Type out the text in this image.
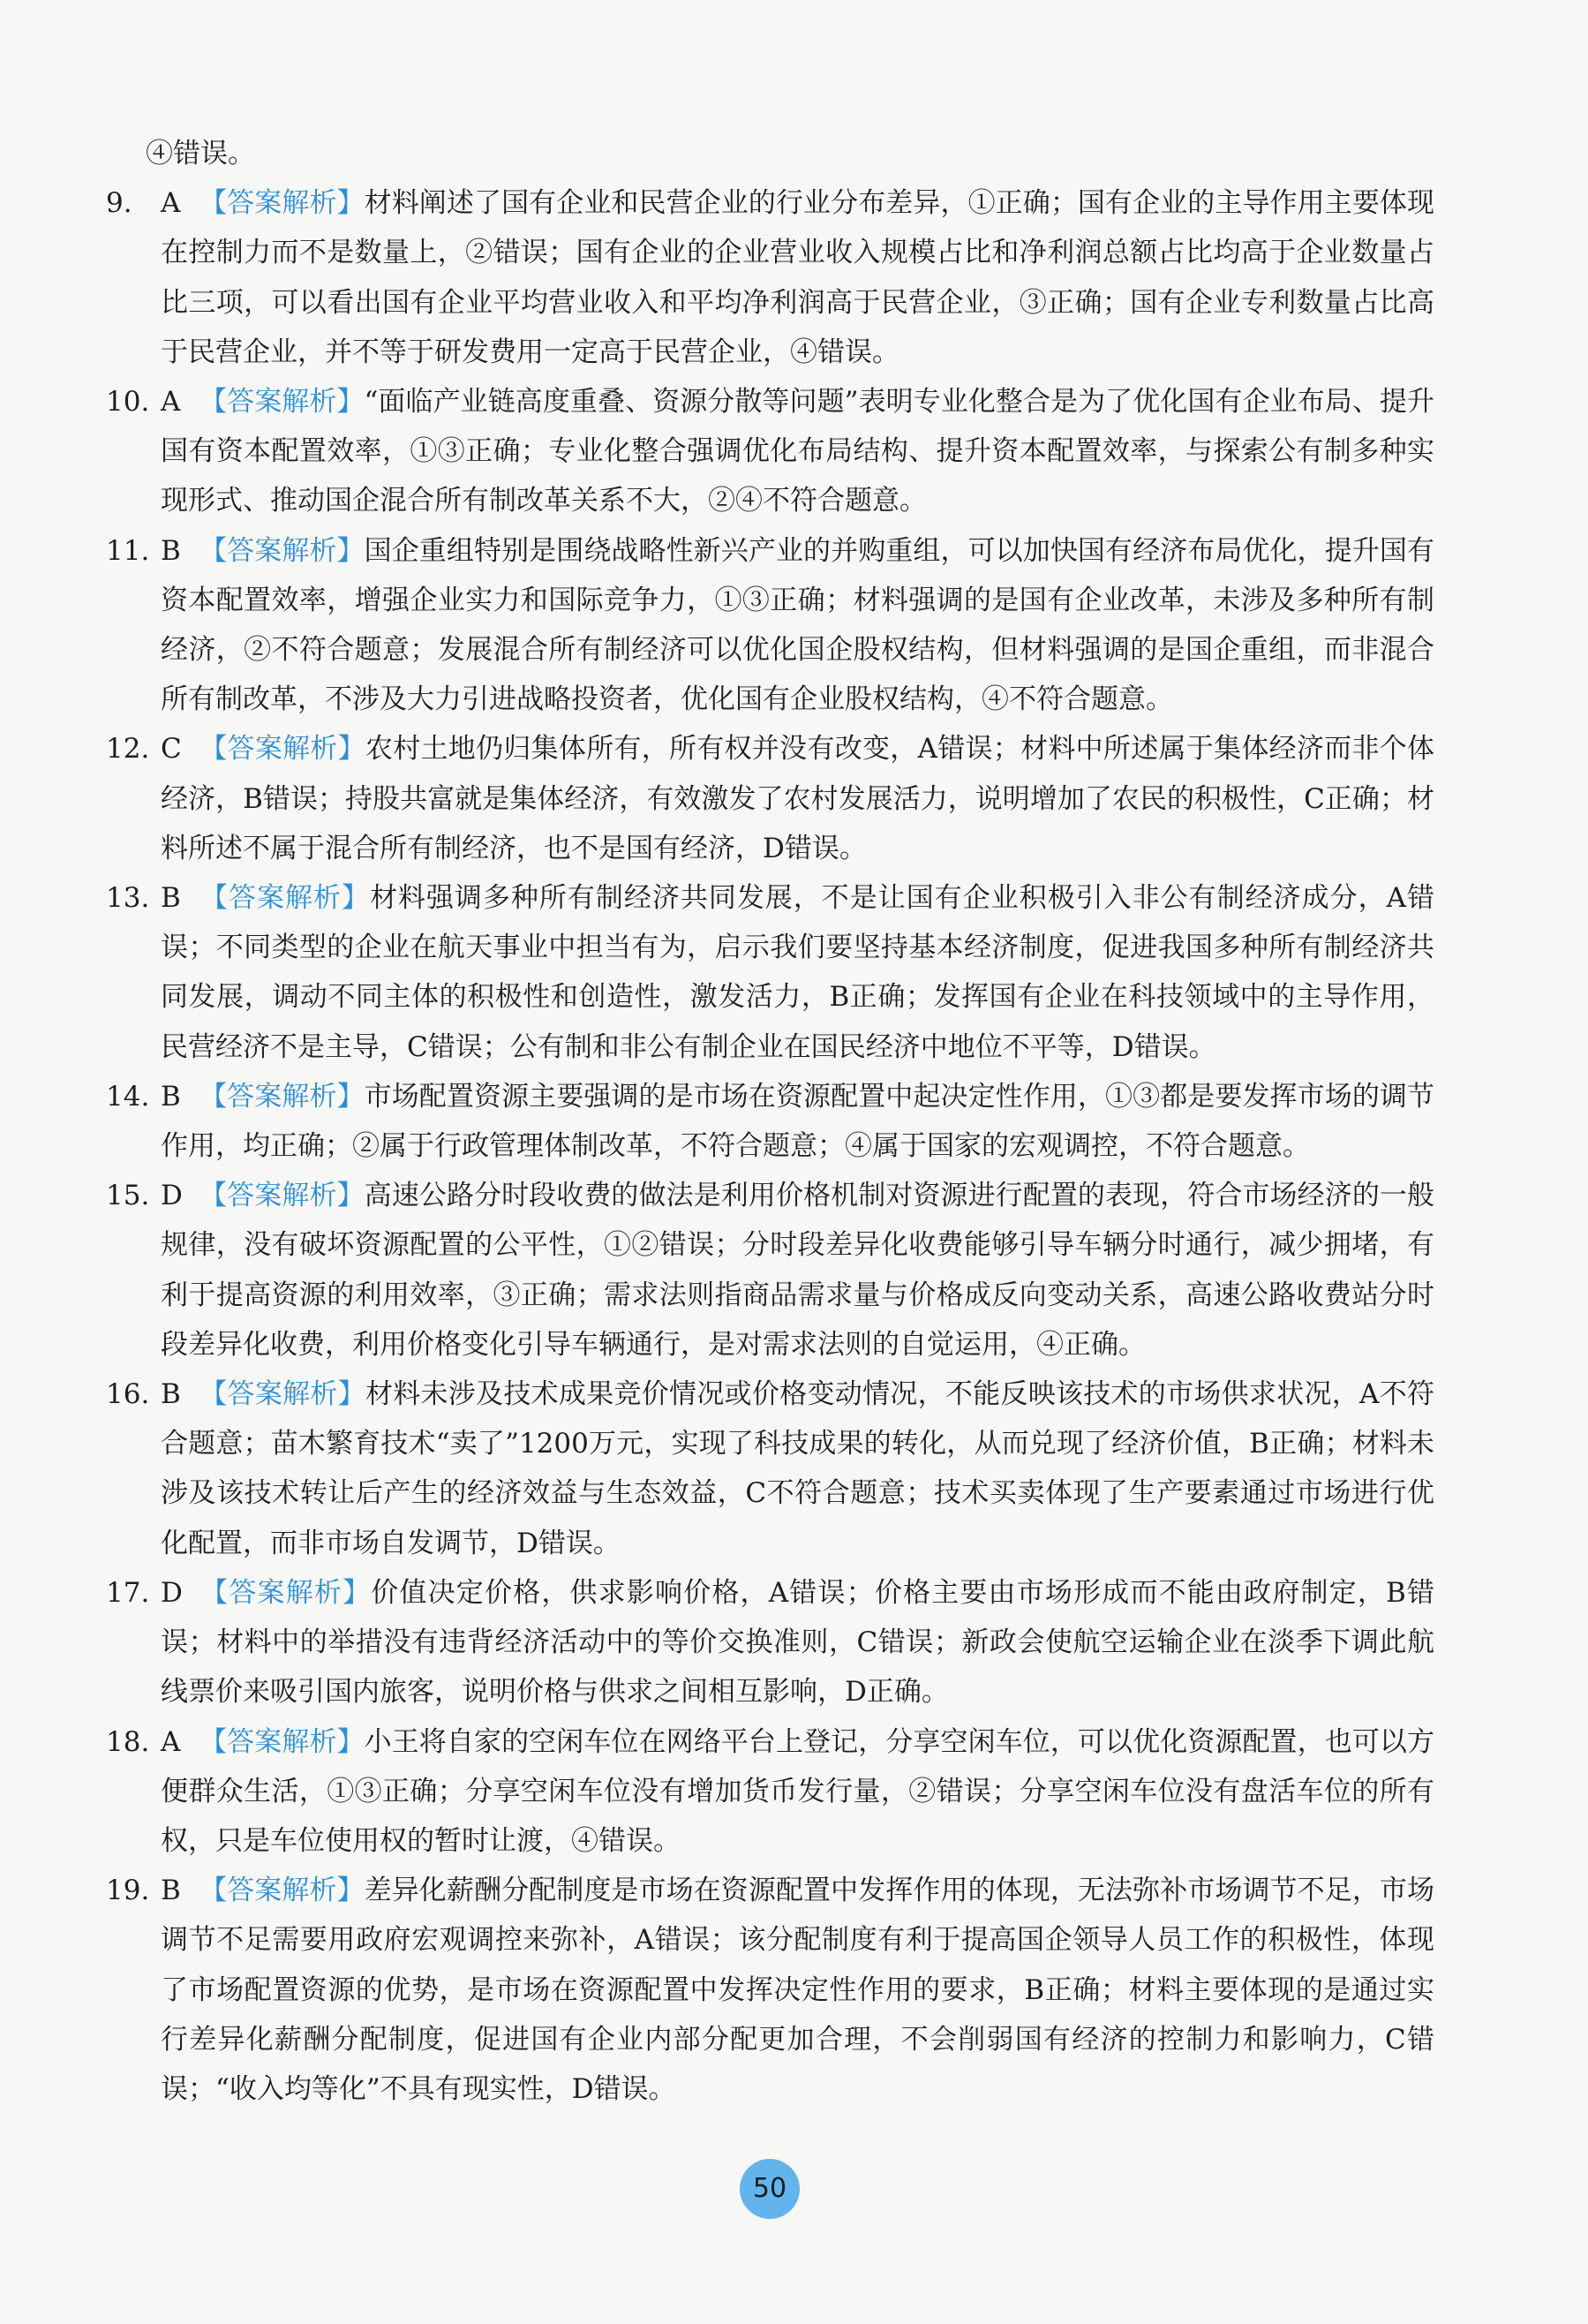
④错误。
9.	A 【答案解析】材料阐述了国有企业和民营企业的行业分布差异，①正确；国有企业的主导作用主要体现在控制力而不是数量上，②错误；国有企业的企业营业收入规模占比和净利润总额占比均高于企业数量占比三项，可以看出国有企业平均营业收入和平均净利润高于民营企业，③正确；国有企业专利数量占比高于民营企业，并不等于研发费用一定高于民营企业，④错误。
10. A 【答案解析】“面临产业链高度重叠、资源分散等问题”表明专业化整合是为了优化国有企业布局、提升国有资本配置效率，①③正确；专业化整合强调优化布局结构、提升资本配置效率，与探索公有制多种实现形式、推动国企混合所有制改革关系不大，②④不符合题意。
11. B 【答案解析】国企重组特别是围绕战略性新兴产业的并购重组，可以加快国有经济布局优化，提升国有资本配置效率，增强企业实力和国际竞争力，①③正确；材料强调的是国有企业改革，未涉及多种所有制经济，②不符合题意；发展混合所有制经济可以优化国企股权结构，但材料强调的是国企重组，而非混合所有制改革，不涉及大力引进战略投资者，优化国有企业股权结构，④不符合题意。
12. C 【答案解析】农村土地仍归集体所有，所有权并没有改变，A错误；材料中所述属于集体经济而非个体经济，B错误；持股共富就是集体经济，有效激发了农村发展活力，说明增加了农民的积极性，C正确；材料所述不属于混合所有制经济，也不是国有经济，D错误。
13. B 【答案解析】材料强调多种所有制经济共同发展，不是让国有企业积极引入非公有制经济成分，A错误；不同类型的企业在航天事业中担当有为，启示我们要坚持基本经济制度，促进我国多种所有制经济共同发展，调动不同主体的积极性和创造性，激发活力，B正确；发挥国有企业在科技领域中的主导作用，民营经济不是主导，C错误；公有制和非公有制企业在国民经济中地位不平等，D错误。
14. B 【答案解析】市场配置资源主要强调的是市场在资源配置中起决定性作用，①③都是要发挥市场的调节作用，均正确；②属于行政管理体制改革，不符合题意；④属于国家的宏观调控，不符合题意。
15. D 【答案解析】高速公路分时段收费的做法是利用价格机制对资源进行配置的表现，符合市场经济的一般规律，没有破坏资源配置的公平性，①②错误；分时段差异化收费能够引导车辆分时通行，减少拥堵，有利于提高资源的利用效率，③正确；需求法则指商品需求量与价格成反向变动关系，高速公路收费站分时段差异化收费，利用价格变化引导车辆通行，是对需求法则的自觉运用，④正确。
16. B 【答案解析】材料未涉及技术成果竞价情况或价格变动情况，不能反映该技术的市场供求状况，A不符合题意；苗木繁育技术“卖了”1200万元，实现了科技成果的转化，从而兑现了经济价值，B正确；材料未涉及该技术转让后产生的经济效益与生态效益，C不符合题意；技术买卖体现了生产要素通过市场进行优化配置，而非市场自发调节，D错误。
17. D 【答案解析】价值决定价格，供求影响价格，A错误；价格主要由市场形成而不能由政府制定，B错误；材料中的举措没有违背经济活动中的等价交换准则，C错误；新政会使航空运输企业在淡季下调此航线票价来吸引国内旅客，说明价格与供求之间相互影响，D正确。
18. A 【答案解析】小王将自家的空闲车位在网络平台上登记，分享空闲车位，可以优化资源配置，也可以方便群众生活，①③正确；分享空闲车位没有增加货币发行量，②错误；分享空闲车位没有盘活车位的所有权，只是车位使用权的暂时让渡，④错误。
19. B 【答案解析】差异化薪酬分配制度是市场在资源配置中发挥作用的体现，无法弥补市场调节不足，市场调节不足需要用政府宏观调控来弥补，A错误；该分配制度有利于提高国企领导人员工作的积极性，体现了市场配置资源的优势，是市场在资源配置中发挥决定性作用的要求，B正确；材料主要体现的是通过实行差异化薪酬分配制度，促进国有企业内部分配更加合理，不会削弱国有经济的控制力和影响力，C错误；“收入均等化”不具有现实性，D错误。
50
